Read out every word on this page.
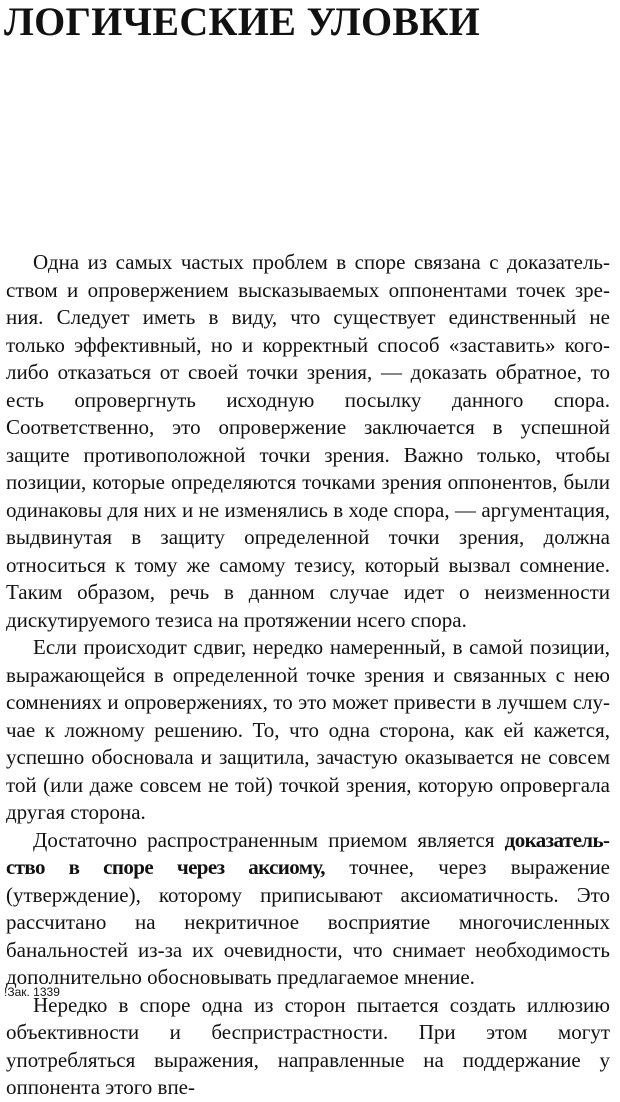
ЛОГИЧЕСКИЕ УЛОВКИ

Одна из самых частых проблем в споре связана с доказательством и опровержением высказываемых оппонентами точек зрения. Следует иметь в виду, что существует единственный не только эффективный, но и корректный способ «заставить» кого-либо отказаться от своей точки зрения, — доказать обратное, то есть опровергнуть исходную посылку данного спора. Соответственно, это опровержение заключается в успешной защите противоположной точки зрения. Важно только, чтобы позиции, которые определяются точками зрения оппонентов, были одинаковы для них и не изменялись в ходе спора, — аргументация, выдвинутая в защиту определенной точки зрения, должна относиться к тому же самому тезису, который вызвал сомнение. Таким образом, речь в данном случае идет о неизменности дискутируемого тезиса на протяжении нсего спора.

Если происходит сдвиг, нередко намеренный, в самой позиции, выражающейся в определенной точке зрения и связанных с нею сомнениях и опровержениях, то это может привести в лучшем случае к ложному решению. То, что одна сторона, как ей кажется, успешно обосновала и защитила, зачастую оказывается не совсем той (или даже совсем не той) точкой зрения, которую опровергала другая сторона.

Достаточно распространенным приемом является доказательство в споре через аксиому, точнее, через выражение (утверждение), которому приписывают аксиоматичность. Это рассчитано на некритичное восприятие многочисленных банальностей из-за их очевидности, что снимает необходимость дополнительно обосновывать предлагаемое мнение.

Нередко в споре одна из сторон пытается создать иллюзию объективности и беспристрастности. При этом могут употребляться выражения, направленные на поддержание у оппонента этого впе-

!Зак. 1339
